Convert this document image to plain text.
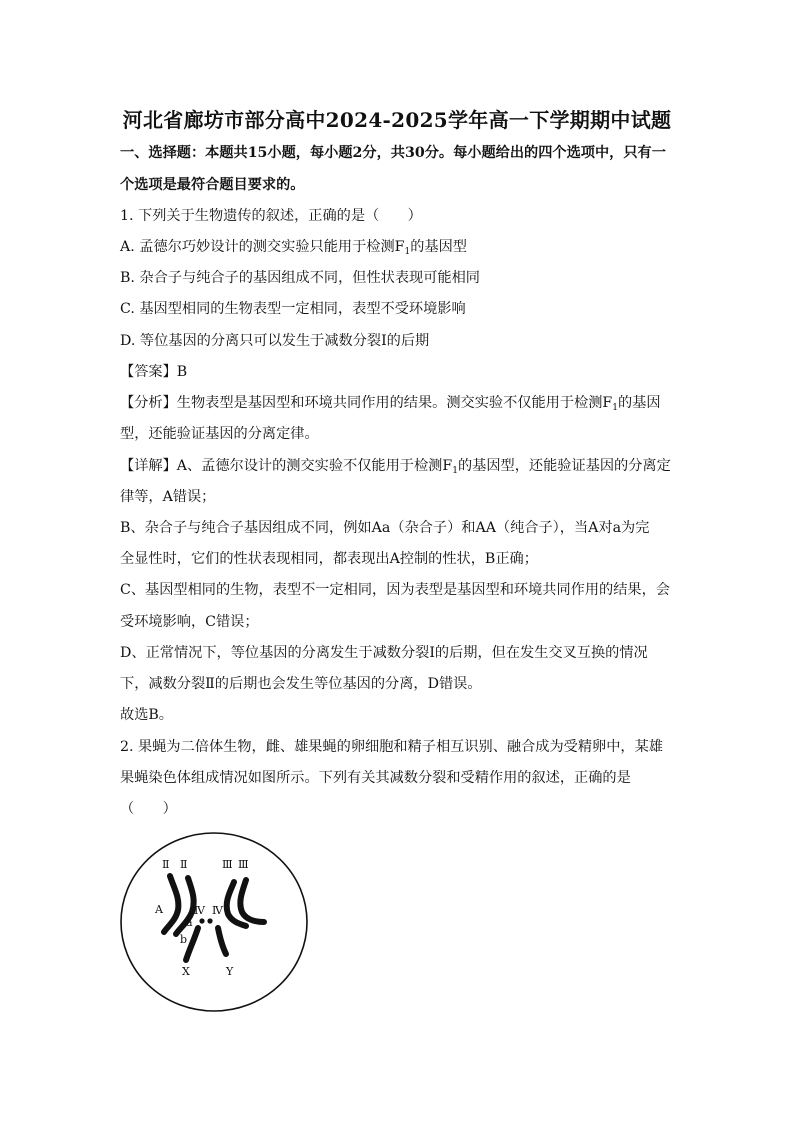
河北省廊坊市部分高中2024-2025学年高一下学期期中试题
一、选择题：本题共15小题，每小题2分，共30分。每小题给出的四个选项中，只有一
个选项是最符合题目要求的。
1. 下列关于生物遗传的叙述，正确的是（　　）
A. 孟德尔巧妙设计的测交实验只能用于检测$F_1$的基因型
B. 杂合子与纯合子的基因组成不同，但性状表现可能相同
C. 基因型相同的生物表型一定相同，表型不受环境影响
D. 等位基因的分离只可以发生于减数分裂Ⅰ的后期
【答案】B
【分析】生物表型是基因型和环境共同作用的结果。测交实验不仅能用于检测$F_1$的基因
型，还能验证基因的分离定律。
【详解】A、孟德尔设计的测交实验不仅能用于检测$F_1$的基因型，还能验证基因的分离定
律等，A错误；
B、杂合子与纯合子基因组成不同，例如Aa（杂合子）和AA（纯合子），当A对a为完
全显性时，它们的性状表现相同，都表现出A控制的性状，B正确；
C、基因型相同的生物，表型不一定相同，因为表型是基因型和环境共同作用的结果，会
受环境影响，C错误；
D、正常情况下，等位基因的分离发生于减数分裂Ⅰ的后期，但在发生交叉互换的情况
下，减数分裂Ⅱ的后期也会发生等位基因的分离，D错误。
故选B。
2. 果蝇为二倍体生物，雌、雄果蝇的卵细胞和精子相互识别、融合成为受精卵中，某雄
果蝇染色体组成情况如图所示。下列有关其减数分裂和受精作用的叙述，正确的是
（　　）
Ⅱ Ⅱ	Ⅲ Ⅲ
A	Ⅳ Ⅳ
a
b
X	Y
